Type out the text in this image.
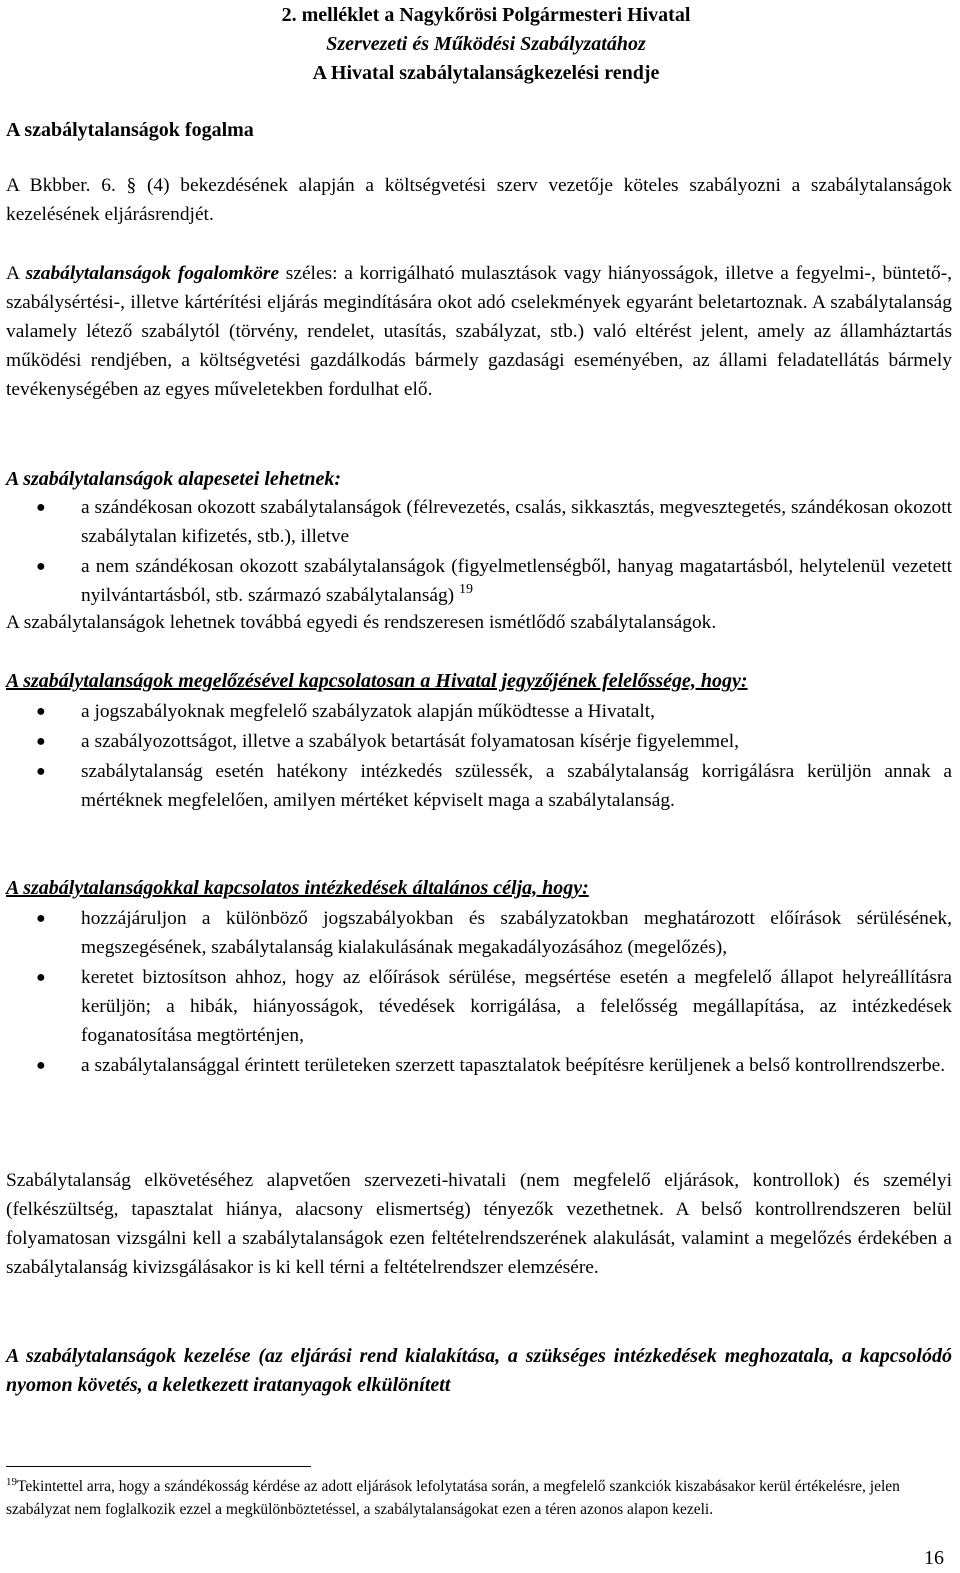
2. melléklet a Nagykőrösi Polgármesteri Hivatal
Szervezeti és Működési Szabályzatához
A Hivatal szabálytalanságkezelési rendje
A szabálytalanságok fogalma
A Bkbber. 6. § (4) bekezdésének alapján a költségvetési szerv vezetője köteles szabályozni a szabálytalanságok kezelésének eljárásrendjét.
A szabálytalanságok fogalomköre széles: a korrigálható mulasztások vagy hiányosságok, illetve a fegyelmi-, büntető-, szabálysértési-, illetve kártérítési eljárás megindítására okot adó cselekmények egyaránt beletartoznak. A szabálytalanság valamely létező szabálytól (törvény, rendelet, utasítás, szabályzat, stb.) való eltérést jelent, amely az államháztartás működési rendjében, a költségvetési gazdálkodás bármely gazdasági eseményében, az állami feladatellátás bármely tevékenységében az egyes műveletekben fordulhat elő.
A szabálytalanságok alapesetei lehetnek:
● a szándékosan okozott szabálytalanságok (félrevezetés, csalás, sikkasztás, megvesztegetés, szándékosan okozott szabálytalan kifizetés, stb.), illetve
● a nem szándékosan okozott szabálytalanságok (figyelmetlenségből, hanyag magatartásból, helytelenül vezetett nyilvántartásból, stb. származó szabálytalanság) $^{19}$
A szabálytalanságok lehetnek továbbá egyedi és rendszeresen ismétlődő szabálytalanságok.
A szabálytalanságok megelőzésével kapcsolatosan a Hivatal jegyzőjének felelőssége, hogy:
● a jogszabályoknak megfelelő szabályzatok alapján működtesse a Hivatalt,
● a szabályozottságot, illetve a szabályok betartását folyamatosan kísérje figyelemmel,
● szabálytalanság esetén hatékony intézkedés szülessék, a szabálytalanság korrigálásra kerüljön annak a mértéknek megfelelően, amilyen mértéket képviselt maga a szabálytalanság.
A szabálytalanságokkal kapcsolatos intézkedések általános célja, hogy:
● hozzájáruljon a különböző jogszabályokban és szabályzatokban meghatározott előírások sérülésének, megszegésének, szabálytalanság kialakulásának megakadályozásához (megelőzés),
● keretet biztosítson ahhoz, hogy az előírások sérülése, megsértése esetén a megfelelő állapot helyreállításra kerüljön; a hibák, hiányosságok, tévedések korrigálása, a felelősség megállapítása, az intézkedések foganatosítása megtörténjen,
● a szabálytalansággal érintett területeken szerzett tapasztalatok beépítésre kerüljenek a belső kontrollrendszerbe.
Szabálytalanság elkövetéséhez alapvetően szervezeti-hivatali (nem megfelelő eljárások, kontrollok) és személyi (felkészültség, tapasztalat hiánya, alacsony elismertség) tényezők vezethetnek. A belső kontrollrendszeren belül folyamatosan vizsgálni kell a szabálytalanságok ezen feltételrendszerének alakulását, valamint a megelőzés érdekében a szabálytalanság kivizsgálásakor is ki kell térni a feltételrendszer elemzésére.
A szabálytalanságok kezelése (az eljárási rend kialakítása, a szükséges intézkedések meghozatala, a kapcsolódó nyomon követés, a keletkezett iratanyagok elkülönített
$^{19}$Tekintettel arra, hogy a szándékosság kérdése az adott eljárások lefolytatása során, a megfelelő szankciók kiszabásakor kerül értékelésre, jelen szabályzat nem foglalkozik ezzel a megkülönböztetéssel, a szabálytalanságokat ezen a téren azonos alapon kezeli.
16
